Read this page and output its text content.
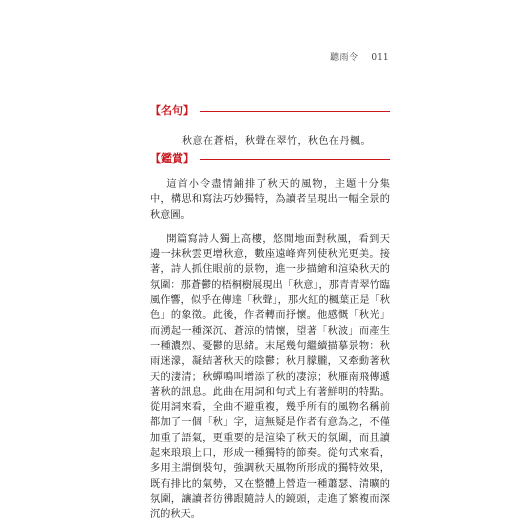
聽雨令 011
【名句】
秋意在蒼梧，秋聲在翠竹，秋色在丹楓。
【鑑賞】

這首小令盡情鋪排了秋天的風物，主題十分集中，構思和寫法巧妙獨特，為讀者呈現出一幅全景的秋意圖。

開篇寫詩人獨上高樓，悠閒地面對秋風，看到天邊一抹秋雲更增秋意，數座遠峰齊列使秋光更美。接著，詩人抓住眼前的景物，進一步描繪和渲染秋天的氛圍：那蒼鬱的梧桐樹展現出「秋意」，那青青翠竹臨風作響，似乎在傳達「秋聲」，那火紅的楓葉正是「秋色」的象徵。此後，作者轉而抒懷。他感慨「秋光」而湧起一種深沉、蒼涼的情懷，望著「秋波」而產生一種濃烈、憂鬱的思緒。末尾幾句繼續描摹景物：秋雨迷濛，凝結著秋天的陰鬱；秋月朦朧，又牽動著秋天的淒清；秋蟬鳴叫增添了秋的凄涼；秋雁南飛傳遞著秋的訊息。此曲在用詞和句式上有著鮮明的特點。從用詞來看，全曲不避重複，幾乎所有的風物名稱前都加了一個「秋」字，這無疑是作者有意為之，不僅加重了語氣，更重要的是渲染了秋天的氛圍，而且讀起來琅琅上口，形成一種獨特的節奏。從句式來看，多用主謂倒裝句，強調秋天風物所形成的獨特效果，既有排比的氣勢，又在整體上營造一種蕭瑟、清曠的氛圍，讓讀者彷彿跟隨詩人的鏡頭，走進了繁複而深沉的秋天。
